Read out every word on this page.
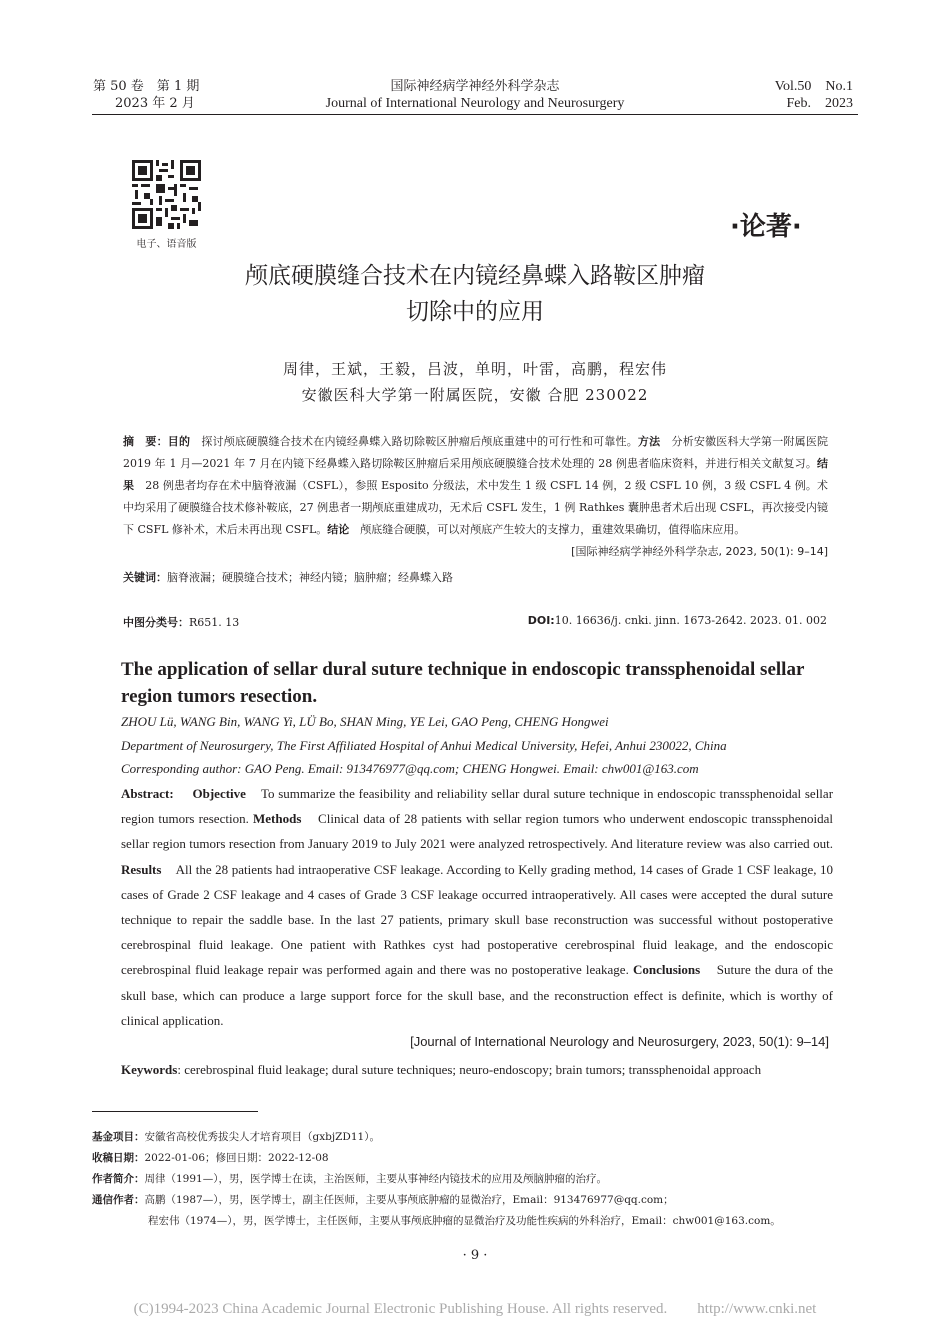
第 50 卷　第 1 期
2023 年 2 月
国际神经病学神经外科学杂志
Journal of International Neurology and Neurosurgery
Vol.50　No.1
Feb.　2023
电子、语音版
·论著·
颅底硬膜缝合技术在内镜经鼻蝶入路鞍区肿瘤
切除中的应用
周律，王斌，王毅，吕波，单明，叶雷，高鹏，程宏伟
安徽医科大学第一附属医院，安徽 合肥 230022
摘　要：目的　探讨颅底硬膜缝合技术在内镜经鼻蝶入路切除鞍区肿瘤后颅底重建中的可行性和可靠性。方法　分析安徽医科大学第一附属医院 2019 年 1 月—2021 年 7 月在内镜下经鼻蝶入路切除鞍区肿瘤后采用颅底硬膜缝合技术处理的 28 例患者临床资料，并进行相关文献复习。结果　28 例患者均存在术中脑脊液漏（CSFL），参照 Esposito 分级法，术中发生 1 级 CSFL 14 例，2 级 CSFL 10 例，3 级 CSFL 4 例。术中均采用了硬膜缝合技术修补鞍底，27 例患者一期颅底重建成功，无术后 CSFL 发生，1 例 Rathkes 囊肿患者术后出现 CSFL，再次接受内镜下 CSFL 修补术，术后未再出现 CSFL。结论　颅底缝合硬膜，可以对颅底产生较大的支撑力，重建效果确切，值得临床应用。
[国际神经病学神经外科学杂志, 2023, 50(1): 9–14]
关键词：脑脊液漏；硬膜缝合技术；神经内镜；脑肿瘤；经鼻蝶入路
中图分类号：R651. 13	DOI:10. 16636/j. cnki. jinn. 1673-2642. 2023. 01. 002
The application of sellar dural suture technique in endoscopic transsphenoidal sellar region tumors resection.
ZHOU Lü, WANG Bin, WANG Yi, LÜ Bo, SHAN Ming, YE Lei, GAO Peng, CHENG Hongwei
Department of Neurosurgery, The First Affiliated Hospital of Anhui Medical University, Hefei, Anhui 230022, China
Corresponding author: GAO Peng. Email: 913476977@qq.com; CHENG Hongwei. Email: chw001@163.com
Abstract: Objective To summarize the feasibility and reliability sellar dural suture technique in endoscopic transsphenoidal sellar region tumors resection. Methods Clinical data of 28 patients with sellar region tumors who underwent endoscopic transsphenoidal sellar region tumors resection from January 2019 to July 2021 were analyzed retrospectively. And literature review was also carried out. Results All the 28 patients had intraoperative CSF leakage. According to Kelly grading method, 14 cases of Grade 1 CSF leakage, 10 cases of Grade 2 CSF leakage and 4 cases of Grade 3 CSF leakage occurred intraoperatively. All cases were accepted the dural suture technique to repair the saddle base. In the last 27 patients, primary skull base reconstruction was successful without postoperative cerebrospinal fluid leakage. One patient with Rathkes cyst had postoperative cerebrospinal fluid leakage, and the endoscopic cerebrospinal fluid leakage repair was performed again and there was no postoperative leakage. Conclusions Suture the dura of the skull base, which can produce a large support force for the skull base, and the reconstruction effect is definite, which is worthy of clinical application.
[Journal of International Neurology and Neurosurgery, 2023, 50(1): 9–14]
Keywords: cerebrospinal fluid leakage; dural suture techniques; neuro-endoscopy; brain tumors; transsphenoidal approach
基金项目：安徽省高校优秀拔尖人才培育项目（gxbjZD11）。
收稿日期：2022-01-06；修回日期：2022-12-08
作者简介：周律（1991—），男，医学博士在读，主治医师，主要从事神经内镜技术的应用及颅脑肿瘤的治疗。
通信作者：高鹏（1987—），男，医学博士，副主任医师，主要从事颅底肿瘤的显微治疗，Email：913476977@qq.com；
程宏伟（1974—），男，医学博士，主任医师，主要从事颅底肿瘤的显微治疗及功能性疾病的外科治疗，Email：chw001@163.com。
· 9 ·
(C)1994-2023 China Academic Journal Electronic Publishing House. All rights reserved.　　http://www.cnki.net
